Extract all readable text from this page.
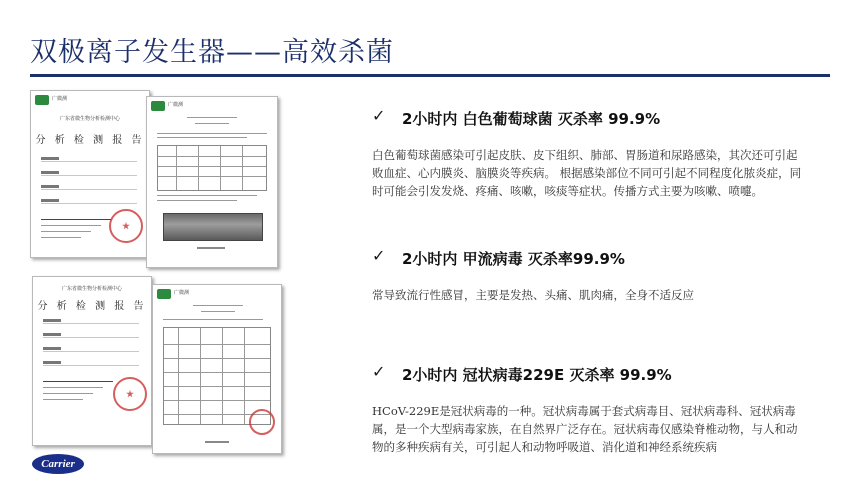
双极离子发生器——高效杀菌
广微测
广东省微生物分析检测中心
分 析 检 测 报 告
广微测
广东省微生物分析检测中心
分 析 检 测 报 告
广微测
✓ 2小时内 白色葡萄球菌 灭杀率 99.9%
白色葡萄球菌感染可引起皮肤、皮下组织、肺部、胃肠道和尿路感染，其次还可引起败血症、心内膜炎、脑膜炎等疾病。 根据感染部位不同可引起不同程度化脓炎症，同时可能会引发发烧、疼痛、咳嗽，咳痰等症状。传播方式主要为咳嗽、喷嚏。
✓ 2小时内 甲流病毒 灭杀率99.9%
常导致流行性感冒，主要是发热、头痛、肌肉痛，全身不适反应
✓ 2小时内 冠状病毒229E 灭杀率 99.9%
HCoV-229E是冠状病毒的一种。冠状病毒属于套式病毒目、冠状病毒科、冠状病毒属，是一个大型病毒家族，在自然界广泛存在。冠状病毒仅感染脊椎动物，与人和动物的多种疾病有关，可引起人和动物呼吸道、消化道和神经系统疾病
Carrier
